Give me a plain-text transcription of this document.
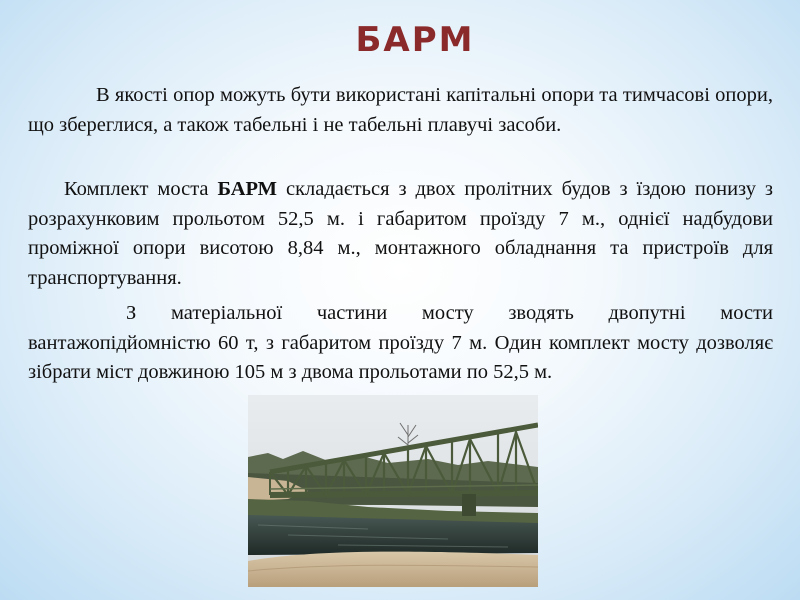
БАРМ

В якості опор можуть бути використані капітальні опори та тимчасові опори, що збереглися, а також табельні і не табельні плавучі засоби.

Комплект моста БАРМ складається з двох пролітних будов з їздою понизу з розрахунковим прольотом 52,5 м. і габаритом проїзду 7 м., однієї надбудови проміжної опори висотою 8,84 м., монтажного обладнання та пристроїв для транспортування.

З матеріальної частини мосту зводять двопутні мости вантажопідйомністю 60 т, з габаритом проїзду 7 м. Один комплект мосту дозволяє зібрати міст довжиною 105 м з двома прольотами по 52,5 м.
